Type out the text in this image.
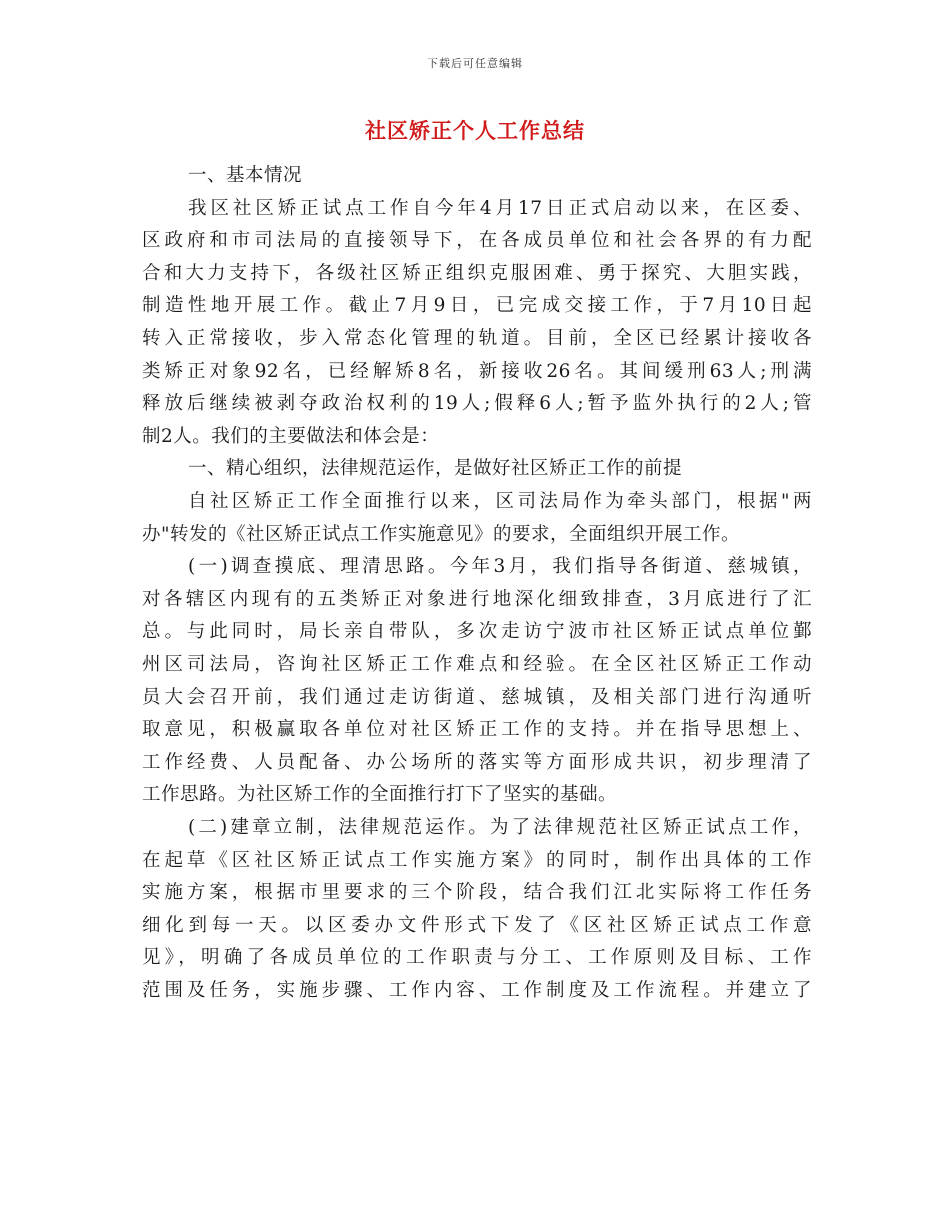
下载后可任意编辑
社区矫正个人工作总结
一、基本情况
我区社区矫正试点工作自今年4月17日正式启动以来，在区委、
区政府和市司法局的直接领导下，在各成员单位和社会各界的有力配
合和大力支持下，各级社区矫正组织克服困难、勇于探究、大胆实践，
制造性地开展工作。截止7月9日，已完成交接工作，于7月10日起
转入正常接收，步入常态化管理的轨道。目前，全区已经累计接收各
类矫正对象92名，已经解矫8名，新接收26名。其间缓刑63人;刑满
释放后继续被剥夺政治权利的19人;假释6人;暂予监外执行的2人;管
制2人。我们的主要做法和体会是：
一、精心组织，法律规范运作，是做好社区矫正工作的前提
自社区矫正工作全面推行以来，区司法局作为牵头部门，根据"两
办"转发的《社区矫正试点工作实施意见》的要求，全面组织开展工作。
(一)调查摸底、理清思路。今年3月，我们指导各街道、慈城镇，
对各辖区内现有的五类矫正对象进行地深化细致排查，3月底进行了汇
总。与此同时，局长亲自带队，多次走访宁波市社区矫正试点单位鄞
州区司法局，咨询社区矫正工作难点和经验。在全区社区矫正工作动
员大会召开前，我们通过走访街道、慈城镇，及相关部门进行沟通听
取意见，积极赢取各单位对社区矫正工作的支持。并在指导思想上、
工作经费、人员配备、办公场所的落实等方面形成共识，初步理清了
工作思路。为社区矫工作的全面推行打下了坚实的基础。
(二)建章立制，法律规范运作。为了法律规范社区矫正试点工作，
在起草《区社区矫正试点工作实施方案》的同时，制作出具体的工作
实施方案，根据市里要求的三个阶段，结合我们江北实际将工作任务
细化到每一天。以区委办文件形式下发了《区社区矫正试点工作意
见》，明确了各成员单位的工作职责与分工、工作原则及目标、工作
范围及任务，实施步骤、工作内容、工作制度及工作流程。并建立了
